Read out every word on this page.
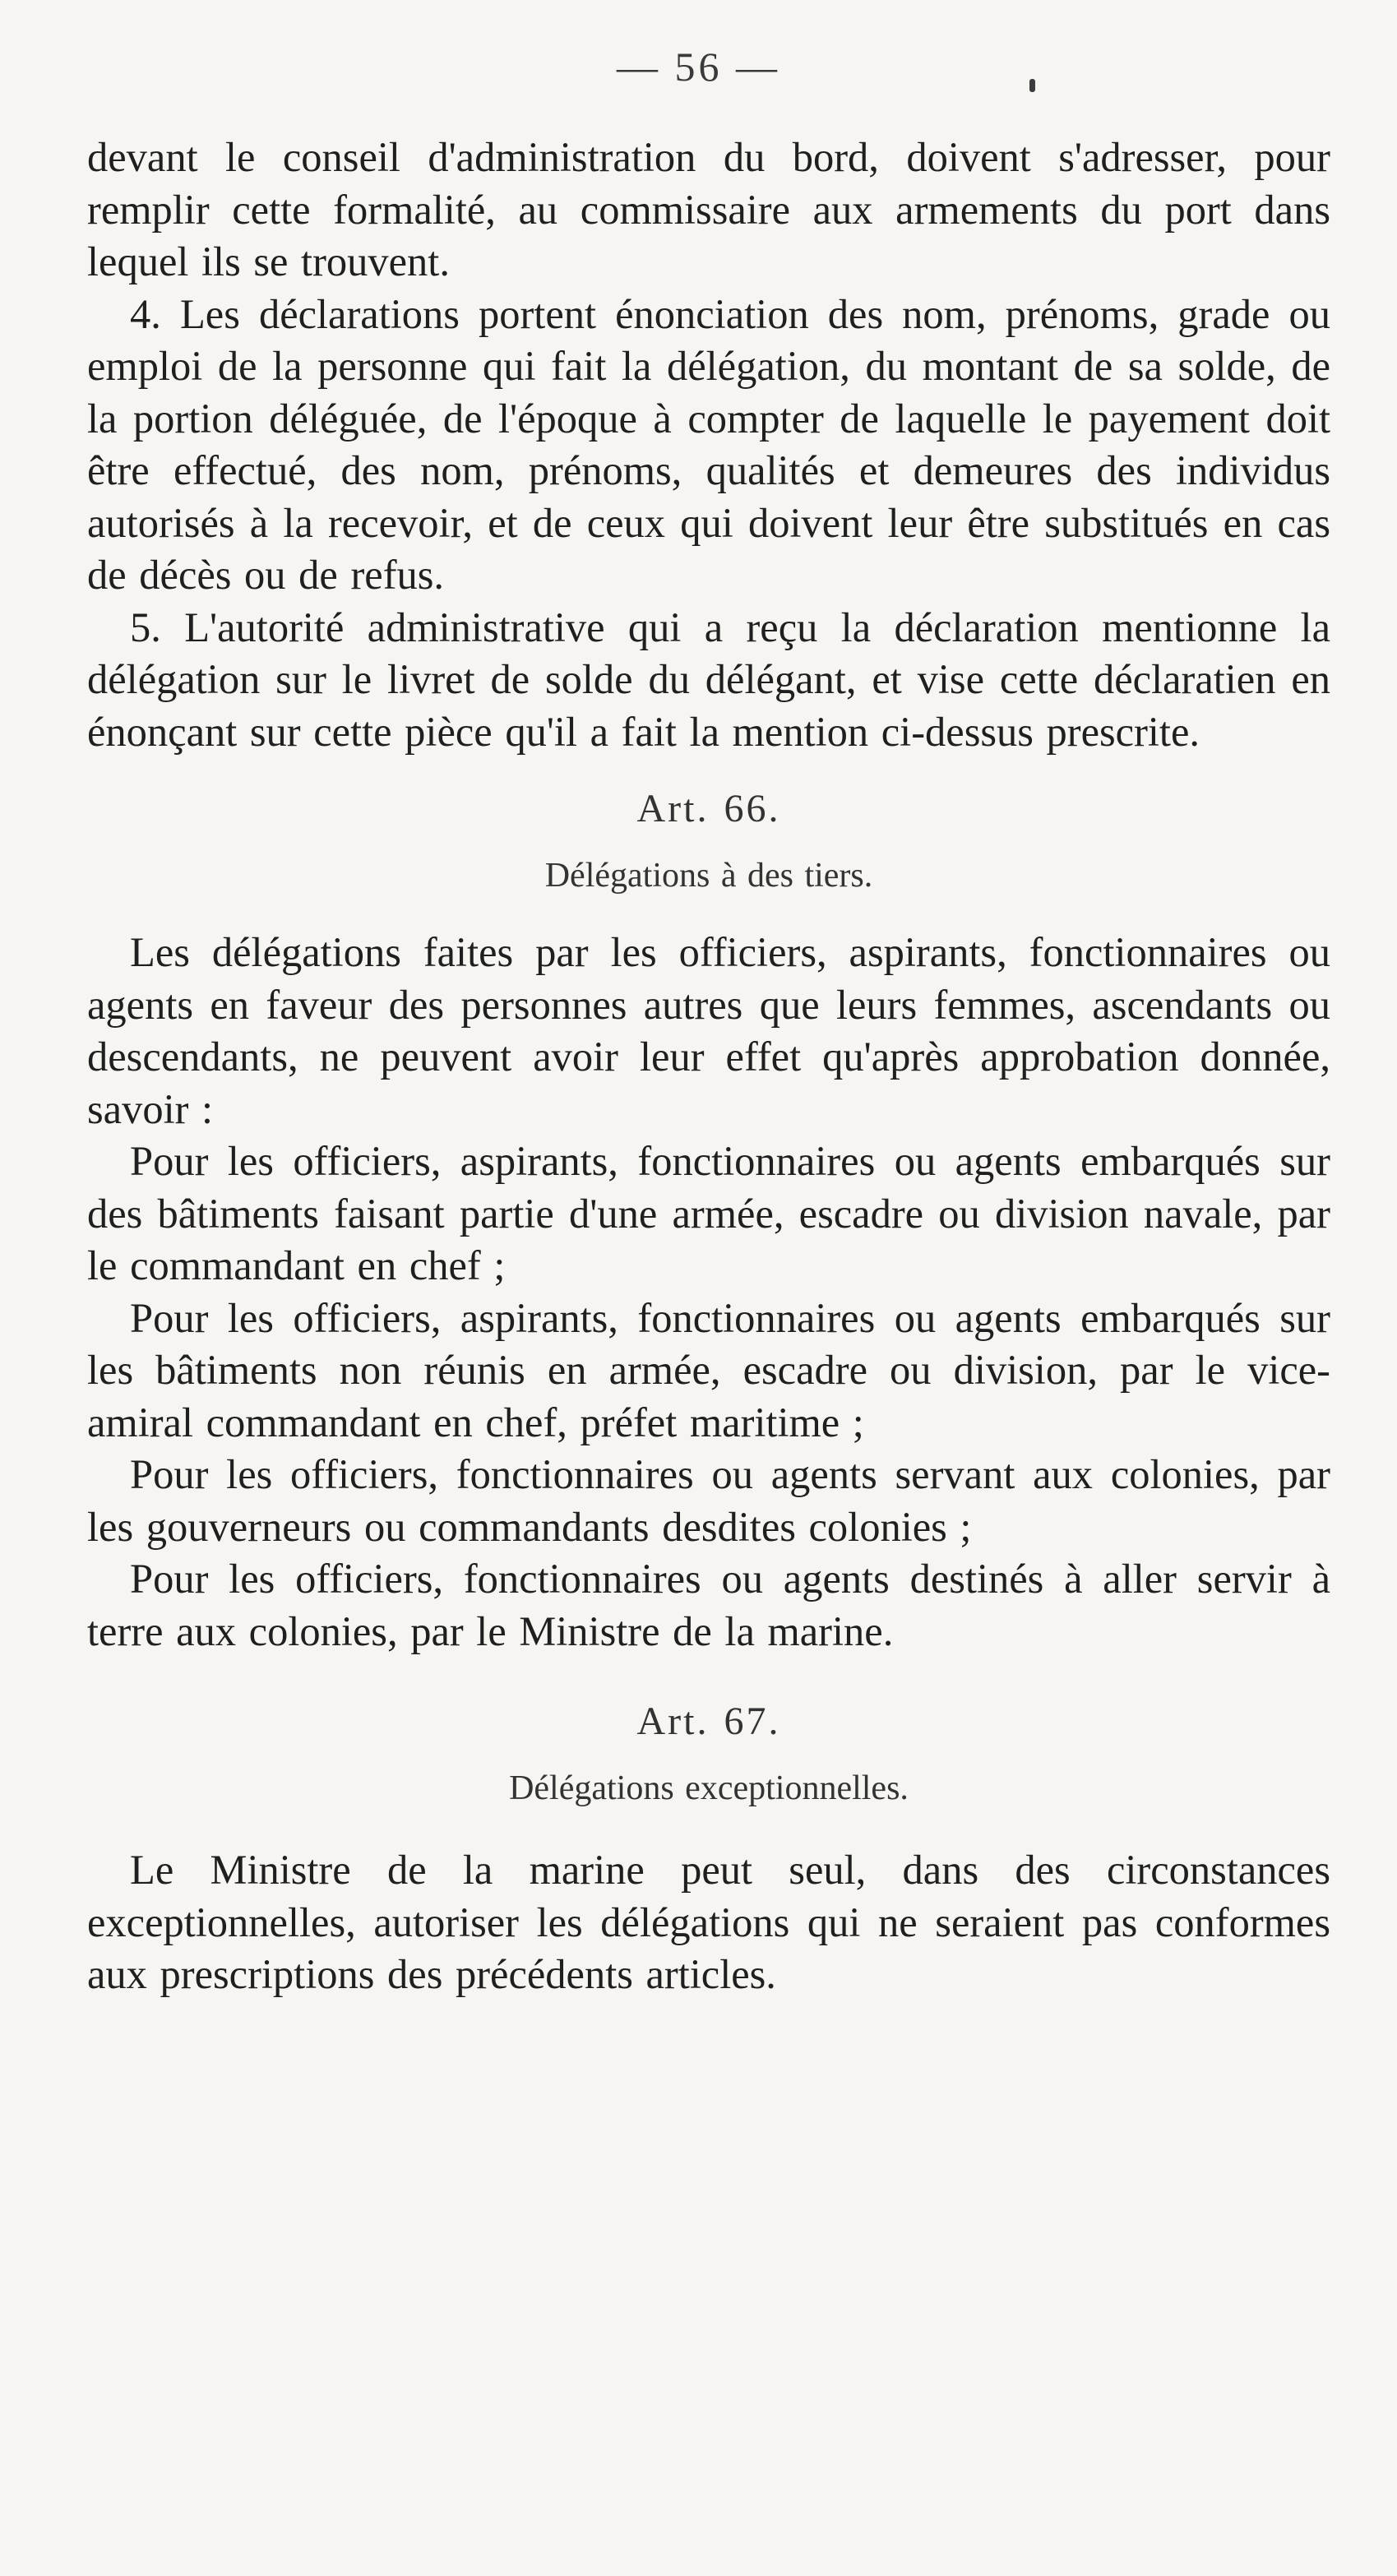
— 56 —

devant le conseil d'administration du bord, doivent s'adresser, pour remplir cette formalité, au commissaire aux armements du port dans lequel ils se trouvent.

4. Les déclarations portent énonciation des nom, prénoms, grade ou emploi de la personne qui fait la délégation, du montant de sa solde, de la portion déléguée, de l'époque à compter de laquelle le payement doit être effectué, des nom, prénoms, qualités et demeures des individus autorisés à la recevoir, et de ceux qui doivent leur être substitués en cas de décès ou de refus.

5. L'autorité administrative qui a reçu la déclaration mentionne la délégation sur le livret de solde du délégant, et vise cette déclaratien en énonçant sur cette pièce qu'il a fait la mention ci-dessus prescrite.

Art. 66.

Délégations à des tiers.

Les délégations faites par les officiers, aspirants, fonctionnaires ou agents en faveur des personnes autres que leurs femmes, ascendants ou descendants, ne peuvent avoir leur effet qu'après approbation donnée, savoir :

Pour les officiers, aspirants, fonctionnaires ou agents embarqués sur des bâtiments faisant partie d'une armée, escadre ou division navale, par le commandant en chef ;

Pour les officiers, aspirants, fonctionnaires ou agents embarqués sur les bâtiments non réunis en armée, escadre ou division, par le vice-amiral commandant en chef, préfet maritime ;

Pour les officiers, fonctionnaires ou agents servant aux colonies, par les gouverneurs ou commandants desdites colonies ;

Pour les officiers, fonctionnaires ou agents destinés à aller servir à terre aux colonies, par le Ministre de la marine.

Art. 67.

Délégations exceptionnelles.

Le Ministre de la marine peut seul, dans des circonstances exceptionnelles, autoriser les délégations qui ne seraient pas conformes aux prescriptions des précédents articles.
